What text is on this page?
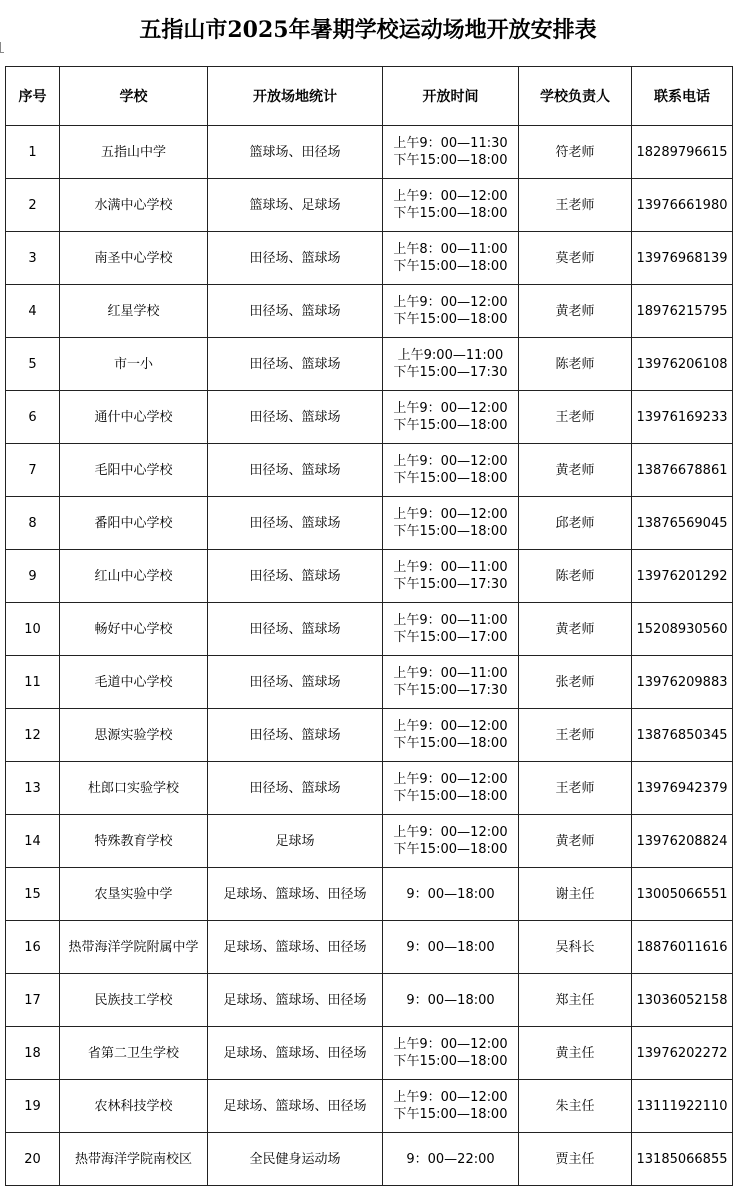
五指山市2025年暑期学校运动场地开放安排表
序号	学校	开放场地统计	开放时间	学校负责人	联系电话
1	五指山中学	篮球场、田径场	上午9：00—11:30
下午15:00—18:00	符老师	18289796615
2	水满中心学校	篮球场、足球场	上午9：00—12:00
下午15:00—18:00	王老师	13976661980
3	南圣中心学校	田径场、篮球场	上午8：00—11:00
下午15:00—18:00	莫老师	13976968139
4	红星学校	田径场、篮球场	上午9：00—12:00
下午15:00—18:00	黄老师	18976215795
5	市一小	田径场、篮球场	上午9:00—11:00
下午15:00—17:30	陈老师	13976206108
6	通什中心学校	田径场、篮球场	上午9：00—12:00
下午15:00—18:00	王老师	13976169233
7	毛阳中心学校	田径场、篮球场	上午9：00—12:00
下午15:00—18:00	黄老师	13876678861
8	番阳中心学校	田径场、篮球场	上午9：00—12:00
下午15:00—18:00	邱老师	13876569045
9	红山中心学校	田径场、篮球场	上午9：00—11:00
下午15:00—17:30	陈老师	13976201292
10	畅好中心学校	田径场、篮球场	上午9：00—11:00
下午15:00—17:00	黄老师	15208930560
11	毛道中心学校	田径场、篮球场	上午9：00—11:00
下午15:00—17:30	张老师	13976209883
12	思源实验学校	田径场、篮球场	上午9：00—12:00
下午15:00—18:00	王老师	13876850345
13	杜郎口实验学校	田径场、篮球场	上午9：00—12:00
下午15:00—18:00	王老师	13976942379
14	特殊教育学校	足球场	上午9：00—12:00
下午15:00—18:00	黄老师	13976208824
15	农垦实验中学	足球场、篮球场、田径场	9：00—18:00	谢主任	13005066551
16	热带海洋学院附属中学	足球场、篮球场、田径场	9：00—18:00	吴科长	18876011616
17	民族技工学校	足球场、篮球场、田径场	9：00—18:00	郑主任	13036052158
18	省第二卫生学校	足球场、篮球场、田径场	上午9：00—12:00
下午15:00—18:00	黄主任	13976202272
19	农林科技学校	足球场、篮球场、田径场	上午9：00—12:00
下午15:00—18:00	朱主任	13111922110
20	热带海洋学院南校区	全民健身运动场	9：00—22:00	贾主任	13185066855
